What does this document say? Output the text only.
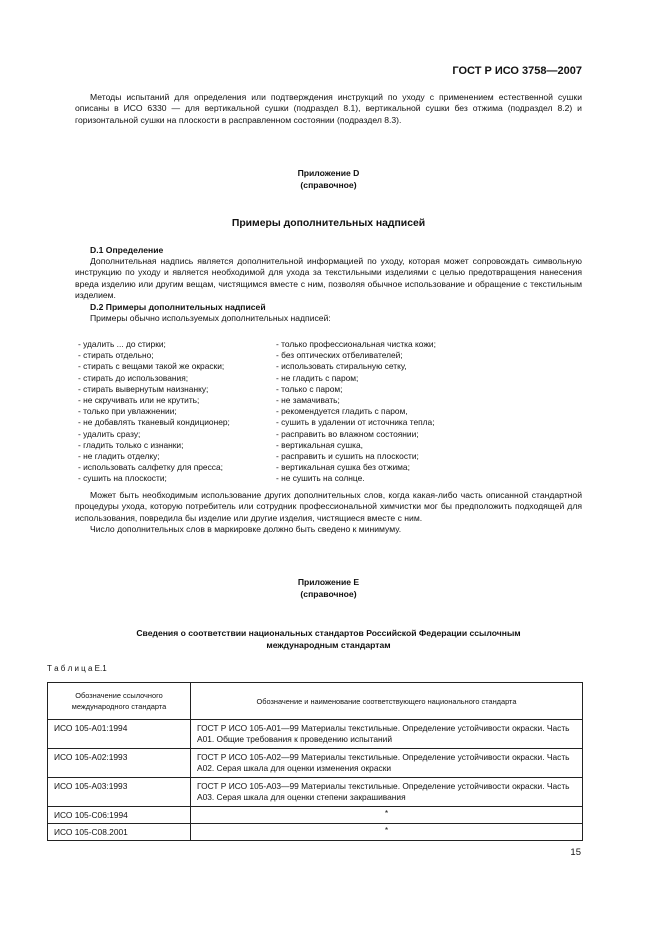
ГОСТ Р ИСО 3758—2007
Методы испытаний для определения или подтверждения инструкций по уходу с применением естественной сушки описаны в ИСО 6330 — для вертикальной сушки (подраздел 8.1), вертикальной сушки без отжима (подраздел 8.2) и горизонтальной сушки на плоскости в расправленном состоянии (подраздел 8.3).
Приложение D
(справочное)
Примеры дополнительных надписей
D.1 Определение
Дополнительная надпись является дополнительной информацией по уходу, которая может сопровождать символьную инструкцию по уходу и является необходимой для ухода за текстильными изделиями с целью предотвращения нанесения вреда изделию или другим вещам, чистящимся вместе с ним, позволяя обычное использование и обращение с текстильным изделием.
D.2 Примеры дополнительных надписей
Примеры обычно используемых дополнительных надписей:
- удалить ... до стирки;
- стирать отдельно;
- стирать с вещами такой же окраски;
- стирать до использования;
- стирать вывернутым наизнанку;
- не скручивать или не крутить;
- только при увлажнении;
- не добавлять тканевый кондиционер;
- удалить сразу;
- гладить только с изнанки;
- не гладить отделку;
- использовать салфетку для пресса;
- сушить на плоскости;
- только профессиональная чистка кожи;
- без оптических отбеливателей;
- использовать стиральную сетку,
- не гладить с паром;
- только с паром;
- не замачивать;
- рекомендуется гладить с паром,
- сушить в удалении от источника тепла;
- расправить во влажном состоянии;
- вертикальная сушка,
- расправить и сушить на плоскости;
- вертикальная сушка без отжима;
- не сушить на солнце.
Может быть необходимым использование других дополнительных слов, когда какая-либо часть описанной стандартной процедуры ухода, которую потребитель или сотрудник профессиональной химчистки мог бы предположить подходящей для использования, повредила бы изделие или другие изделия, чистящиеся вместе с ним.
Число дополнительных слов в маркировке должно быть сведено к минимуму.
Приложение Е
(справочное)
Сведения о соответствии национальных стандартов Российской Федерации ссылочным
международным стандартам
Т а б л и ц а Е.1
Обозначение ссылочного международного стандарта	Обозначение и наименование соответствующего национального стандарта
ИСО 105-А01:1994	ГОСТ Р ИСО 105-А01—99 Материалы текстильные. Определение устойчивости окраски. Часть А01. Общие требования к проведению испытаний
ИСО 105-А02:1993	ГОСТ Р ИСО 105-А02—99 Материалы текстильные. Определение устойчивости окраски. Часть А02. Серая шкала для оценки изменения окраски
ИСО 105-А03:1993	ГОСТ Р ИСО 105-А03—99 Материалы текстильные. Определение устойчивости окраски. Часть А03. Серая шкала для оценки степени закрашивания
ИСО 105-С06:1994	*
ИСО 105-С08.2001	*
15
